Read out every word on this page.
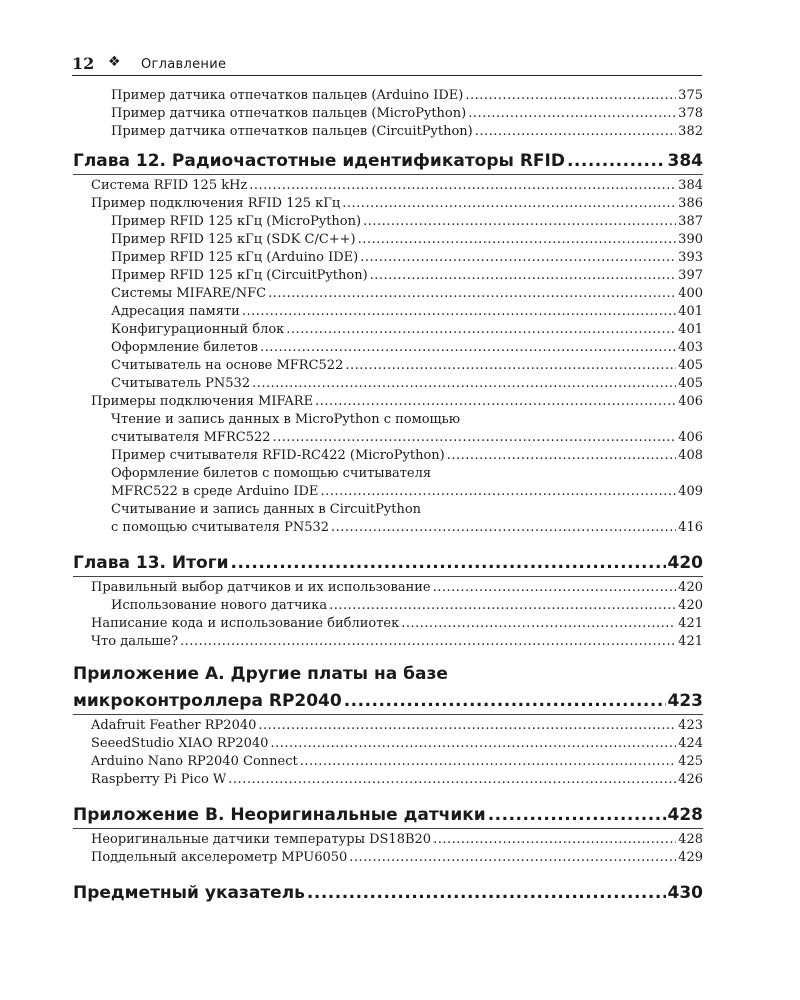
12 ❖ Оглавление
Пример датчика отпечатков пальцев (Arduino IDE) .....	375
Пример датчика отпечатков пальцев (MicroPython) .....	378
Пример датчика отпечатков пальцев (CircuitPython) .....	382
Глава 12. Радиочастотные идентификаторы RFID .....	384
Система RFID 125 kHz .....	384
Пример подключения RFID 125 кГц .....	386
Пример RFID 125 кГц (MicroPython) .....	387
Пример RFID 125 кГц (SDK C/C++) .....	390
Пример RFID 125 кГц (Arduino IDE) .....	393
Пример RFID 125 кГц (CircuitPython) .....	397
Системы MIFARE/NFC .....	400
Адресация памяти .....	401
Конфигурационный блок .....	401
Оформление билетов .....	403
Считыватель на основе MFRC522 .....	405
Считыватель PN532 .....	405
Примеры подключения MIFARE .....	406
Чтение и запись данных в MicroPython с помощью
считывателя MFRC522 .....	406
Пример считывателя RFID-RC422 (MicroPython) .....	408
Оформление билетов с помощью считывателя
MFRC522 в среде Arduino IDE .....	409
Считывание и запись данных в CircuitPython
с помощью считывателя PN532 .....	416
Глава 13. Итоги .....	420
Правильный выбор датчиков и их использование .....	420
Использование нового датчика .....	420
Написание кода и использование библиотек .....	421
Что дальше? .....	421
Приложение А. Другие платы на базе
микроконтроллера RP2040 .....	423
Adafruit Feather RP2040 .....	423
SeeedStudio XIAO RP2040 .....	424
Arduino Nano RP2040 Connect .....	425
Raspberry Pi Pico W .....	426
Приложение В. Неоригинальные датчики .....	428
Неоригинальные датчики температуры DS18B20 .....	428
Поддельный акселерометр MPU6050 .....	429
Предметный указатель .....	430
